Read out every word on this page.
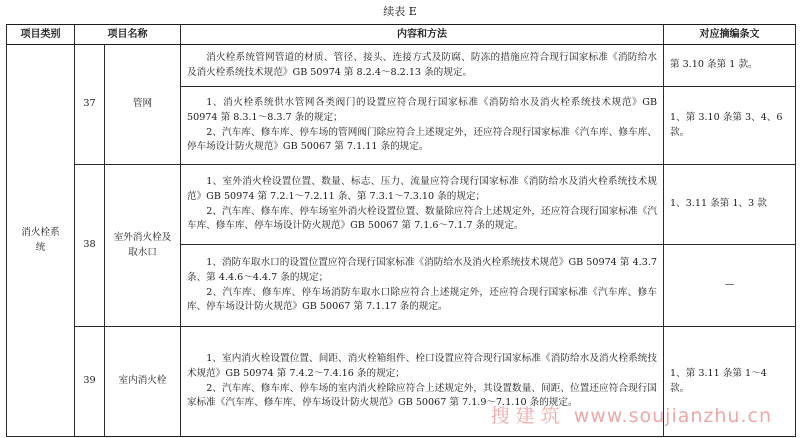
续表 E
项目类别	项目名称		内容和方法	对应摘编条文
消火栓系统	37	管网	消火栓系统管网管道的材质、管径、接头、连接方式及防腐、防冻的措施应符合现行国家标准《消防给水及消火栓系统技术规范》GB 50974 第 8.2.4～8.2.13 条的规定。	第 3.10 条第 1 款。

			1、消火栓系统供水管网各类阀门的设置应符合现行国家标准《消防给水及消火栓系统技术规范》GB 50974 第 8.3.1～8.3.7 条的规定；

2、汽车库、修车库、停车场的管网阀门除应符合上述规定外，还应符合现行国家标准《汽车库、修车库、停车场设计防火规范》GB 50067 第 7.1.11 条的规定。	1、第 3.10 条第 3、4、6 款。
	38	室外消火栓及取水口	1、室外消火栓设置位置、数量、标志、压力、流量应符合现行国家标准《消防给水及消火栓系统技术规范》GB 50974 第 7.2.1～7.2.11 条、第 7.3.1～7.3.10 条的规定；

2、汽车库、修车库、停车场室外消火栓设置位置、数量除应符合上述规定外，还应符合现行国家标准《汽车库、修车库、停车场设计防火规范》GB 50067 第 7.1.6～7.1.7 条的规定。	1、3.11 条第 1、3 款

			1、消防车取水口的设置位置应符合现行国家标准《消防给水及消火栓系统技术规范》GB 50974 第 4.3.7 条、第 4.4.6～4.4.7 条的规定；

2、汽车库、修车库、停车场消防车取水口除应符合上述规定外，还应符合现行国家标准《汽车库、修车库、停车场设计防火规范》GB 50067 第 7.1.17 条的规定。	—
	39	室内消火栓	1、室内消火栓设置位置、间距、消火栓箱组件、栓口设置应符合现行国家标准《消防给水及消火栓系统技术规范》GB 50974 第 7.4.2～7.4.16 条的规定；

2、汽车库、修车库、停车场的室内消火栓除应符合上述规定外，其设置数量、间距、位置还应符合现行国家标准《汽车库、修车库、停车场设计防火规范》GB 50067 第 7.1.9～7.1.10 条的规定。	1、第 3.11 条第 1～4 款。
搜建筑 www.soujianzhu.cn
